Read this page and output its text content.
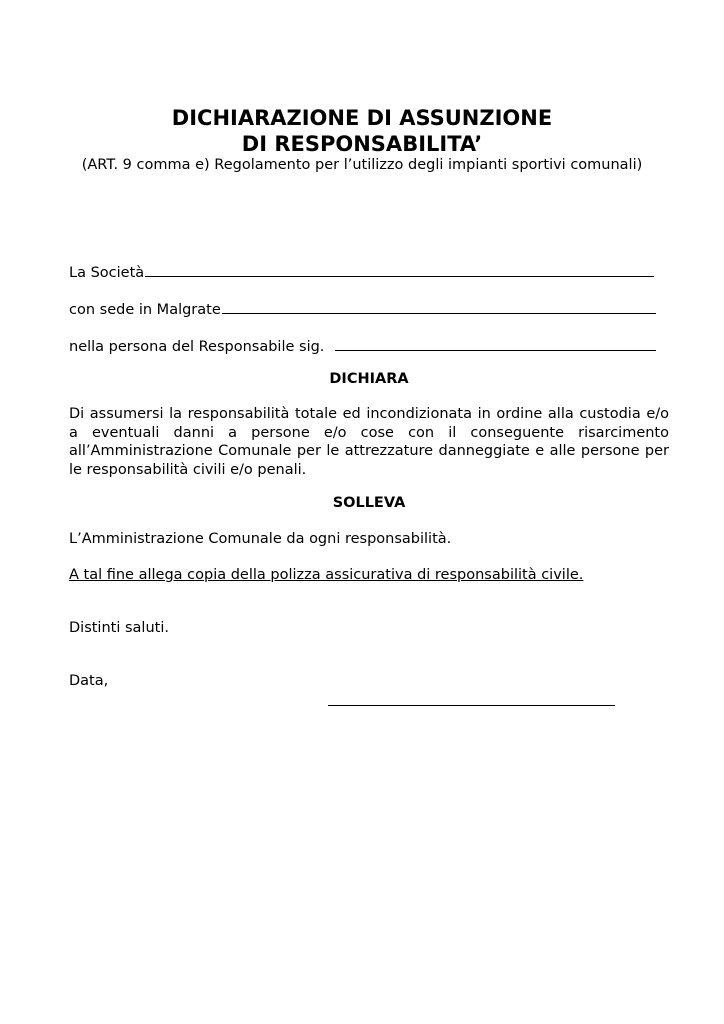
DICHIARAZIONE DI ASSUNZIONE
DI RESPONSABILITA’

(ART. 9 comma e) Regolamento per l’utilizzo degli impianti sportivi comunali)

La Società

con sede in Malgrate

nella persona del Responsabile sig.

DICHIARA

Di assumersi la responsabilità totale ed incondizionata in ordine alla custodia e/o
a eventuali danni a persone e/o cose con il conseguente risarcimento
all’Amministrazione Comunale per le attrezzature danneggiate e alle persone per
le responsabilità civili e/o penali.

SOLLEVA

L’Amministrazione Comunale da ogni responsabilità.

A tal fine allega copia della polizza assicurativa di responsabilità civile.

Distinti saluti.

Data,
